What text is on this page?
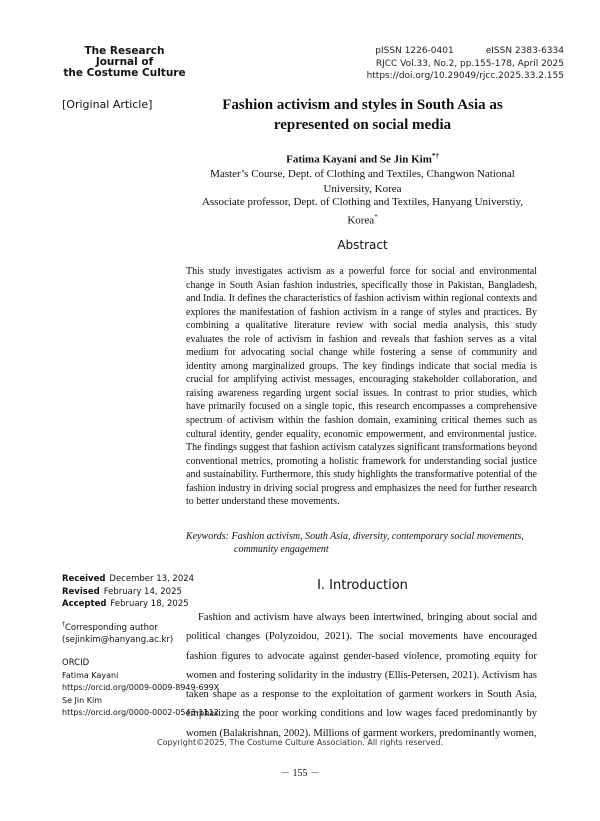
The Research Journal of
the Costume Culture
pISSN 1226-0401	eISSN 2383-6334
RJCC Vol.33, No.2, pp.155-178, April 2025
https://doi.org/10.29049/rjcc.2025.33.2.155
[Original Article]	Fashion activism and styles in South Asia as represented on social media
Fatima Kayani and Se Jin Kim*†
Master’s Course, Dept. of Clothing and Textiles, Changwon National University, Korea
Associate professor, Dept. of Clothing and Textiles, Hanyang Universtiy, Korea*
Abstract
This study investigates activism as a powerful force for social and environmental change in South Asian fashion industries, specifically those in Pakistan, Bangladesh, and India. It defines the characteristics of fashion activism within regional contexts and explores the manifestation of fashion activism in a range of styles and practices. By combining a qualitative literature review with social media analysis, this study evaluates the role of activism in fashion and reveals that fashion serves as a vital medium for advocating social change while fostering a sense of community and identity among marginalized groups. The key findings indicate that social media is crucial for amplifying activist messages, encouraging stakeholder collaboration, and raising awareness regarding urgent social issues. In contrast to prior studies, which have primarily focused on a single topic, this research encompasses a comprehensive spectrum of activism within the fashion domain, examining critical themes such as cultural identity, gender equality, economic empowerment, and environmental justice. The findings suggest that fashion activism catalyzes significant transformations beyond conventional metrics, promoting a holistic framework for understanding social justice and sustainability. Furthermore, this study highlights the transformative potential of the fashion industry in driving social progress and emphasizes the need for further research to better understand these movements.
Keywords: Fashion activism, South Asia, diversity, contemporary social movements,
community engagement
Received December 13, 2024
Revised February 14, 2025
Accepted February 18, 2025
†Corresponding author
(sejinkim@hanyang.ac.kr)
ORCID
Fatima Kayani
https://orcid.org/0009-0009-8949-699X
Se Jin Kim
https://orcid.org/0000-0002-0543-1112
Ⅰ. Introduction
Fashion and activism have always been intertwined, bringing about social and political changes (Polyzoidou, 2021). The social movements have encouraged fashion figures to advocate against gender-based violence, promoting equity for women and fostering solidarity in the industry (Ellis-Petersen, 2021). Activism has taken shape as a response to the exploitation of garment workers in South Asia, emphasizing the poor working conditions and low wages faced predominantly by women (Balakrishnan, 2002). Millions of garment workers, predominantly women,
Copyright©2025, The Costume Culture Association. All rights reserved.
－ 155 －
